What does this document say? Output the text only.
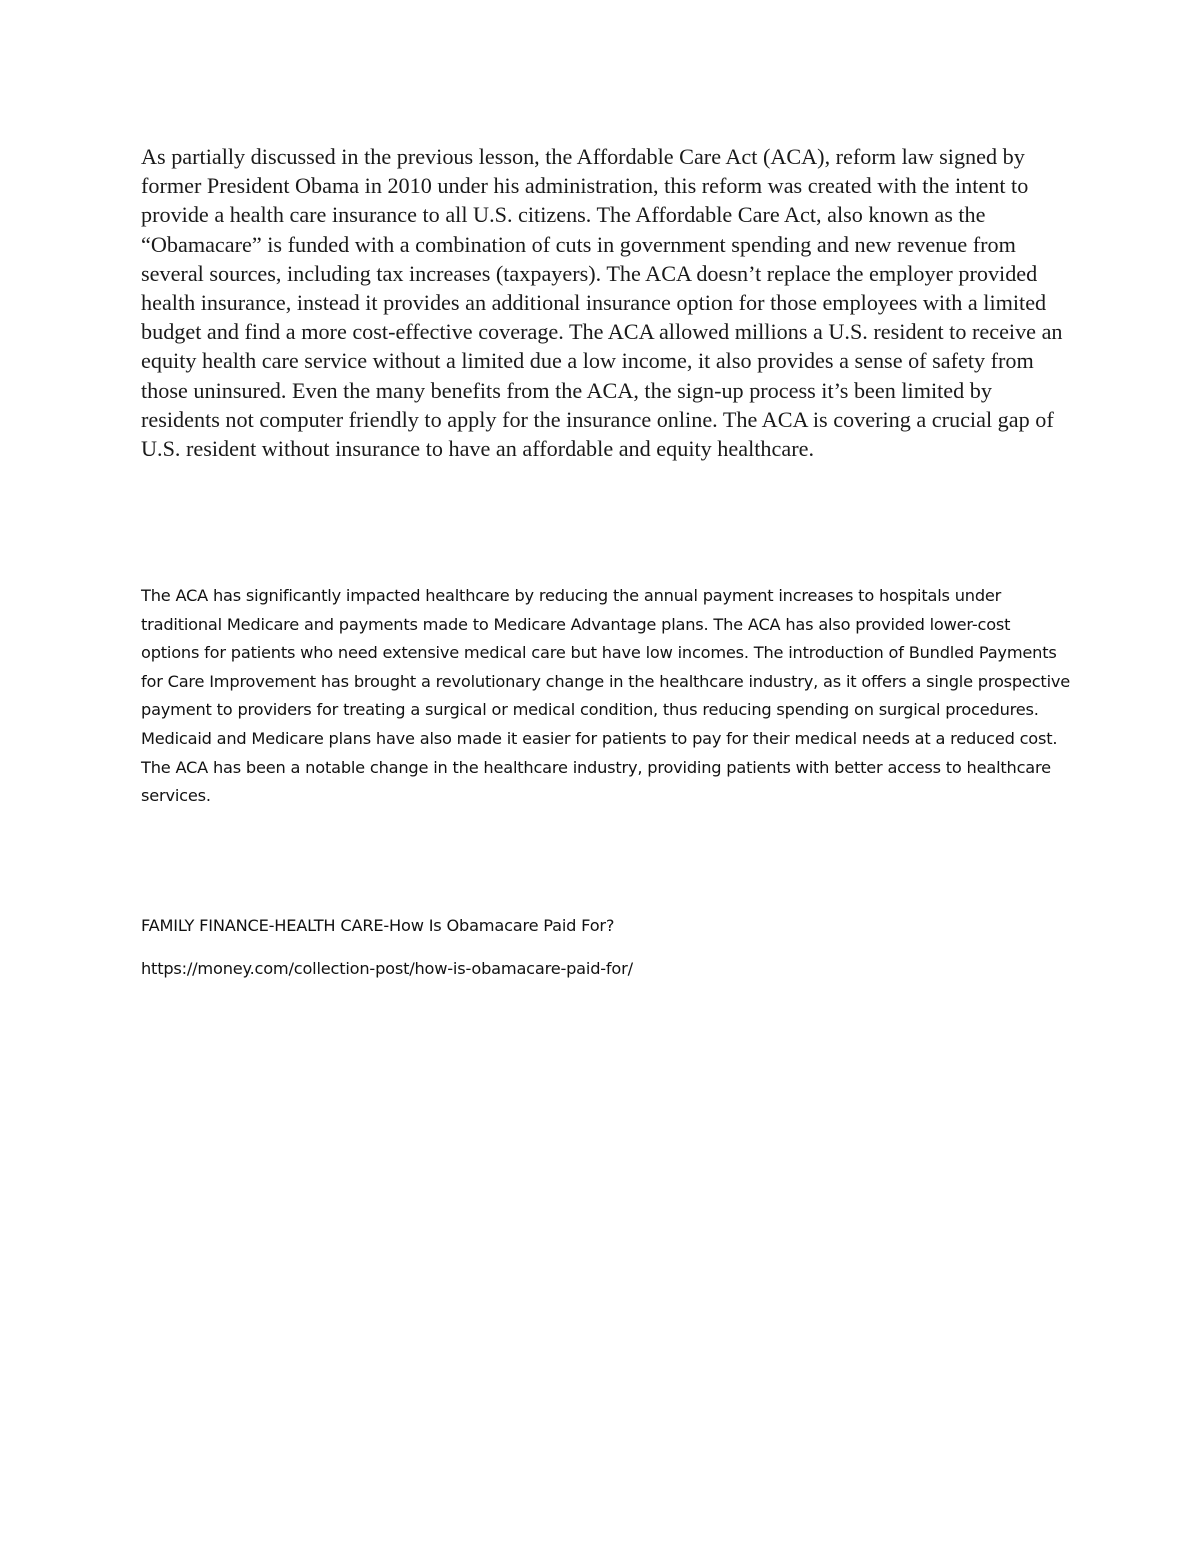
As partially discussed in the previous lesson, the Affordable Care Act (ACA), reform law signed by former President Obama in 2010 under his administration, this reform was created with the intent to provide a health care insurance to all U.S. citizens. The Affordable Care Act, also known as the “Obamacare” is funded with a combination of cuts in government spending and new revenue from several sources, including tax increases (taxpayers). The ACA doesn’t replace the employer provided health insurance, instead it provides an additional insurance option for those employees with a limited budget and find a more cost-effective coverage. The ACA allowed millions a U.S. resident to receive an equity health care service without a limited due a low income, it also provides a sense of safety from those uninsured. Even the many benefits from the ACA, the sign-up process it’s been limited by residents not computer friendly to apply for the insurance online. The ACA is covering a crucial gap of U.S. resident without insurance to have an affordable and equity healthcare.

The ACA has significantly impacted healthcare by reducing the annual payment increases to hospitals under traditional Medicare and payments made to Medicare Advantage plans. The ACA has also provided lower-cost options for patients who need extensive medical care but have low incomes. The introduction of Bundled Payments for Care Improvement has brought a revolutionary change in the healthcare industry, as it offers a single prospective payment to providers for treating a surgical or medical condition, thus reducing spending on surgical procedures. Medicaid and Medicare plans have also made it easier for patients to pay for their medical needs at a reduced cost. The ACA has been a notable change in the healthcare industry, providing patients with better access to healthcare services.

FAMILY FINANCE-HEALTH CARE-How Is Obamacare Paid For?

https://money.com/collection-post/how-is-obamacare-paid-for/
